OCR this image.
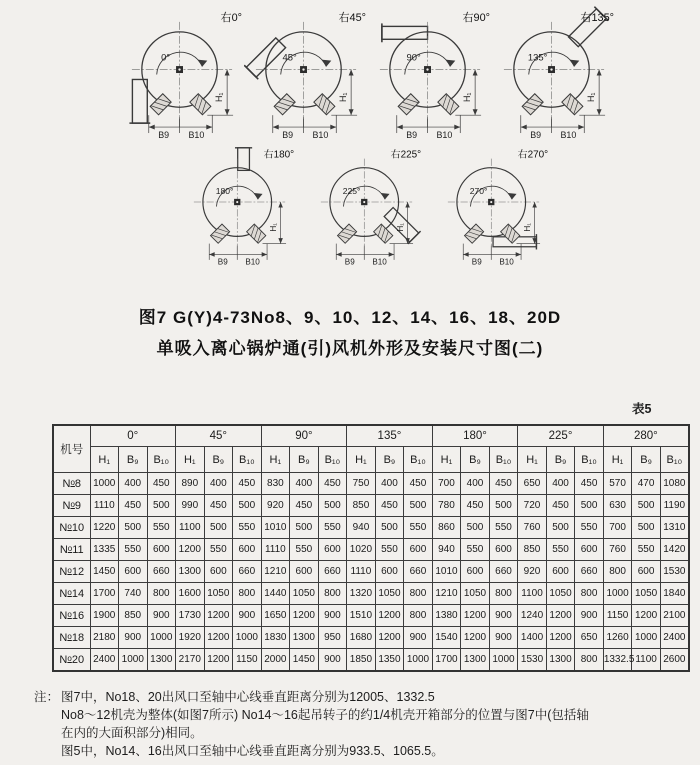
0°
B9 B10
H₁
右0°
45°
B9 B10
H₁
右45°
90°
B9 B10
H₁
右90°
135°
B9 B10
H₁
右135°
180°
B9 B10
H₁
右180°
225°
B9 B10
H₁
右225°
270°
B9 B10
H₁
右270°
图7 G(Y)4-73No8、9、10、12、14、16、18、20D
单吸入离心锅炉通(引)风机外形及安装尺寸图(二)
表5
机号	0°			45°			90°			135°			180°			225°			280°		
	H₁	B₉	B₁₀	H₁	B₉	B₁₀	H₁	B₉	B₁₀	H₁	B₉	B₁₀	H₁	B₉	B₁₀	H₁	B₉	B₁₀	H₁	B₉	B₁₀
$N^o8$	1000	400	450	890	400	450	830	400	450	750	400	450	700	400	450	650	400	450	570	470	1080
$N^o9$	1110	450	500	990	450	500	920	450	500	850	450	500	780	450	500	720	450	500	630	500	1190
$N^o10$	1220	500	550	1100	500	550	1010	500	550	940	500	550	860	500	550	760	500	550	700	500	1310
$N^o11$	1335	550	600	1200	550	600	1110	550	600	1020	550	600	940	550	600	850	550	600	760	550	1420
$N^o12$	1450	600	660	1300	600	660	1210	600	660	1110	600	660	1010	600	660	920	600	660	800	600	1530
$N^o14$	1700	740	800	1600	1050	800	1440	1050	800	1320	1050	800	1210	1050	800	1100	1050	800	1000	1050	1840
$N^o16$	1900	850	900	1730	1200	900	1650	1200	900	1510	1200	800	1380	1200	900	1240	1200	900	1150	1200	2100
$N^o18$	2180	900	1000	1920	1200	1000	1830	1300	950	1680	1200	900	1540	1200	900	1400	1200	650	1260	1000	2400
$N^o20$	2400	1000	1300	2170	1200	1150	2000	1450	900	1850	1350	1000	1700	1300	1000	1530	1300	800	1332.5	1100	2600
注： 图7中，No18、20出风口至轴中心线垂直距离分别为12005、1332.5
No8～12机壳为整体(如图7所示) No14～16起吊转子的约1/4机壳开箱部分的位置与图7中(包括轴
在内的大面积部分)相同。
图5中，No14、16出风口至轴中心线垂直距离分别为933.5、1065.5。
